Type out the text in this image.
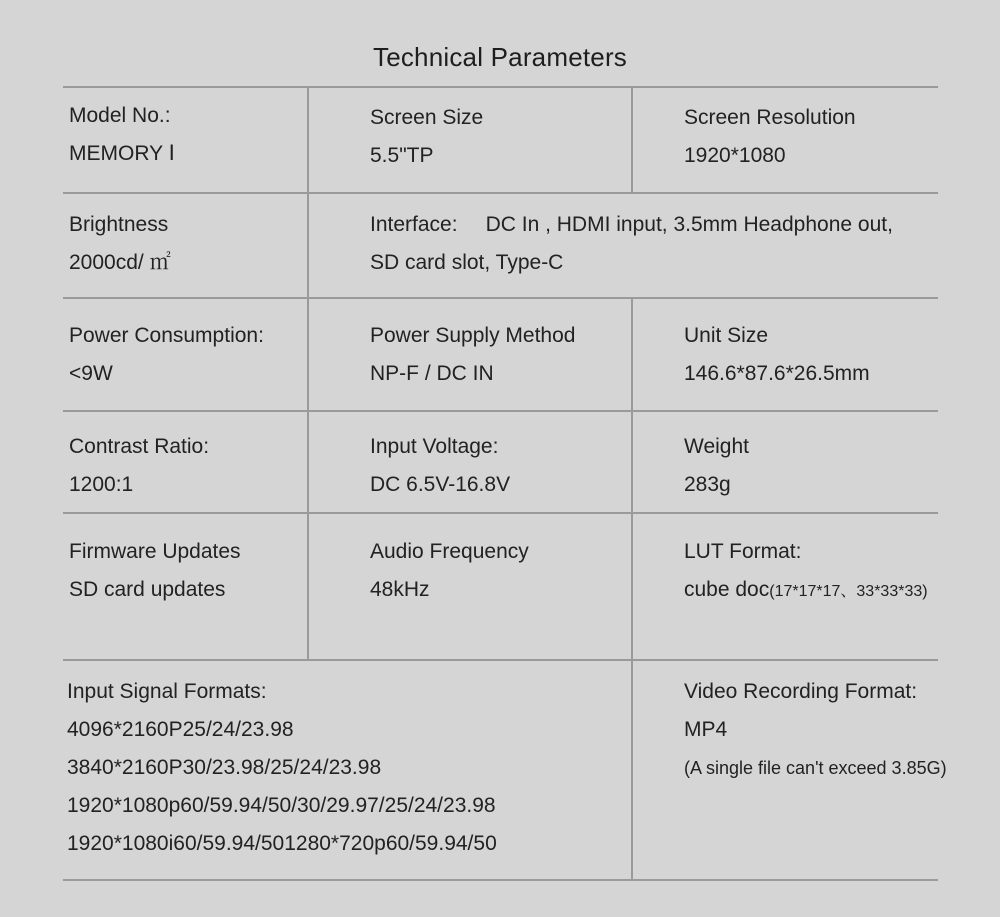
Technical Parameters
Model No.:
MEMORY Ⅰ
Screen Size
5.5"TP
Screen Resolution
1920*1080
Brightness
2000cd/ ㎡
Interface: DC In , HDMI input, 3.5mm Headphone out,
SD card slot, Type-C
Power Consumption:
<9W
Power Supply Method
NP-F / DC IN
Unit Size
146.6*87.6*26.5mm
Contrast Ratio:
1200:1
Input Voltage:
DC 6.5V-16.8V
Weight
283g
Firmware Updates
SD card updates
Audio Frequency
48kHz
LUT Format:
cube doc(17*17*17、33*33*33)
Input Signal Formats:
4096*2160P25/24/23.98
3840*2160P30/23.98/25/24/23.98
1920*1080p60/59.94/50/30/29.97/25/24/23.98
1920*1080i60/59.94/501280*720p60/59.94/50
Video Recording Format:
MP4
(A single file can't exceed 3.85G)
